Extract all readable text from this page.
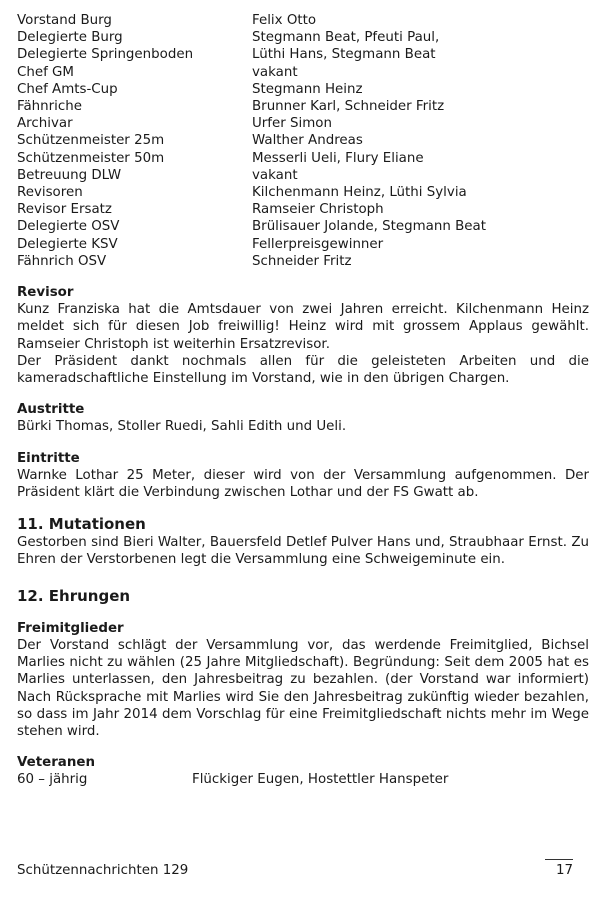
Vorstand Burg	Felix Otto
Delegierte Burg	Stegmann Beat, Pfeuti Paul,
Delegierte Springenboden	Lüthi Hans, Stegmann Beat
Chef GM	vakant
Chef Amts-Cup	Stegmann Heinz
Fähnriche	Brunner Karl, Schneider Fritz
Archivar	Urfer Simon
Schützenmeister 25m	Walther Andreas
Schützenmeister 50m	Messerli Ueli, Flury Eliane
Betreuung DLW	vakant
Revisoren	Kilchenmann Heinz, Lüthi Sylvia
Revisor Ersatz	Ramseier Christoph
Delegierte OSV	Brülisauer Jolande, Stegmann Beat
Delegierte KSV	Fellerpreisgewinner
Fähnrich OSV	Schneider Fritz
Revisor

Kunz Franziska hat die Amtsdauer von zwei Jahren erreicht. Kilchenmann Heinz meldet sich für diesen Job freiwillig! Heinz wird mit grossem Applaus gewählt. Ramseier Christoph ist weiterhin Ersatzrevisor.

Der Präsident dankt nochmals allen für die geleisteten Arbeiten und die kameradschaftliche Einstellung im Vorstand, wie in den übrigen Chargen.

Austritte

Bürki Thomas, Stoller Ruedi, Sahli Edith und Ueli.

Eintritte

Warnke Lothar 25 Meter, dieser wird von der Versammlung aufgenommen. Der Präsident klärt die Verbindung zwischen Lothar und der FS Gwatt ab.

11. Mutationen

Gestorben sind Bieri Walter, Bauersfeld Detlef Pulver Hans und, Straubhaar Ernst. Zu Ehren der Verstorbenen legt die Versammlung eine Schweigeminute ein.

12. Ehrungen
Freimitglieder

Der Vorstand schlägt der Versammlung vor, das werdende Freimitglied, Bichsel Marlies nicht zu wählen (25 Jahre Mitgliedschaft). Begründung: Seit dem 2005 hat es Marlies unterlassen, den Jahresbeitrag zu bezahlen. (der Vorstand war informiert) Nach Rücksprache mit Marlies wird Sie den Jahresbeitrag zukünftig wieder bezahlen, so dass im Jahr 2014 dem Vorschlag für eine Freimitgliedschaft nichts mehr im Wege stehen wird.

Veteranen
60 – jährig	Flückiger Eugen, Hostettler Hanspeter
Schützennachrichten 129	17
